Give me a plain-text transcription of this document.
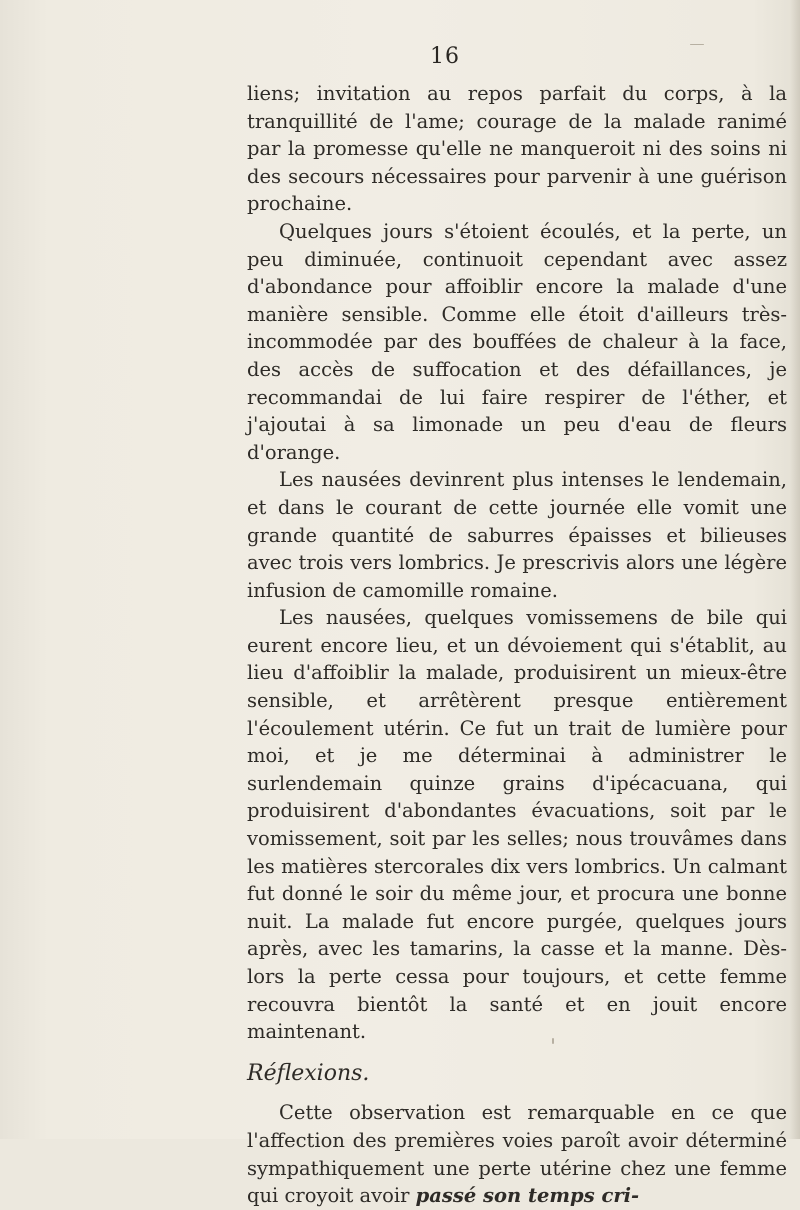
16

liens; invitation au repos parfait du corps, à la tranquillité de l'ame; courage de la malade ranimé par la promesse qu'elle ne manqueroit ni des soins ni des secours nécessaires pour parvenir à une guérison prochaine.

Quelques jours s'étoient écoulés, et la perte, un peu diminuée, continuoit cependant avec assez d'abondance pour affoiblir encore la malade d'une manière sensible. Comme elle étoit d'ailleurs très-incommodée par des bouffées de chaleur à la face, des accès de suffocation et des défaillances, je recommandai de lui faire respirer de l'éther, et j'ajoutai à sa limonade un peu d'eau de fleurs d'orange.

Les nausées devinrent plus intenses le lendemain, et dans le courant de cette journée elle vomit une grande quantité de saburres épaisses et bilieuses avec trois vers lombrics. Je prescrivis alors une légère infusion de camomille romaine.

Les nausées, quelques vomissemens de bile qui eurent encore lieu, et un dévoiement qui s'établit, au lieu d'affoiblir la malade, produisirent un mieux-être sensible, et arrêtèrent presque entièrement l'écoulement utérin. Ce fut un trait de lumière pour moi, et je me déterminai à administrer le surlendemain quinze grains d'ipécacuana, qui produisirent d'abondantes évacuations, soit par le vomissement, soit par les selles; nous trouvâmes dans les matières stercorales dix vers lombrics. Un calmant fut donné le soir du même jour, et procura une bonne nuit. La malade fut encore purgée, quelques jours après, avec les tamarins, la casse et la manne. Dès-lors la perte cessa pour toujours, et cette femme recouvra bientôt la santé et en jouit encore maintenant.

Réflexions.

Cette observation est remarquable en ce que l'affection des premières voies paroît avoir déterminé sympathiquement une perte utérine chez une femme qui croyoit avoir passé son temps cri-
